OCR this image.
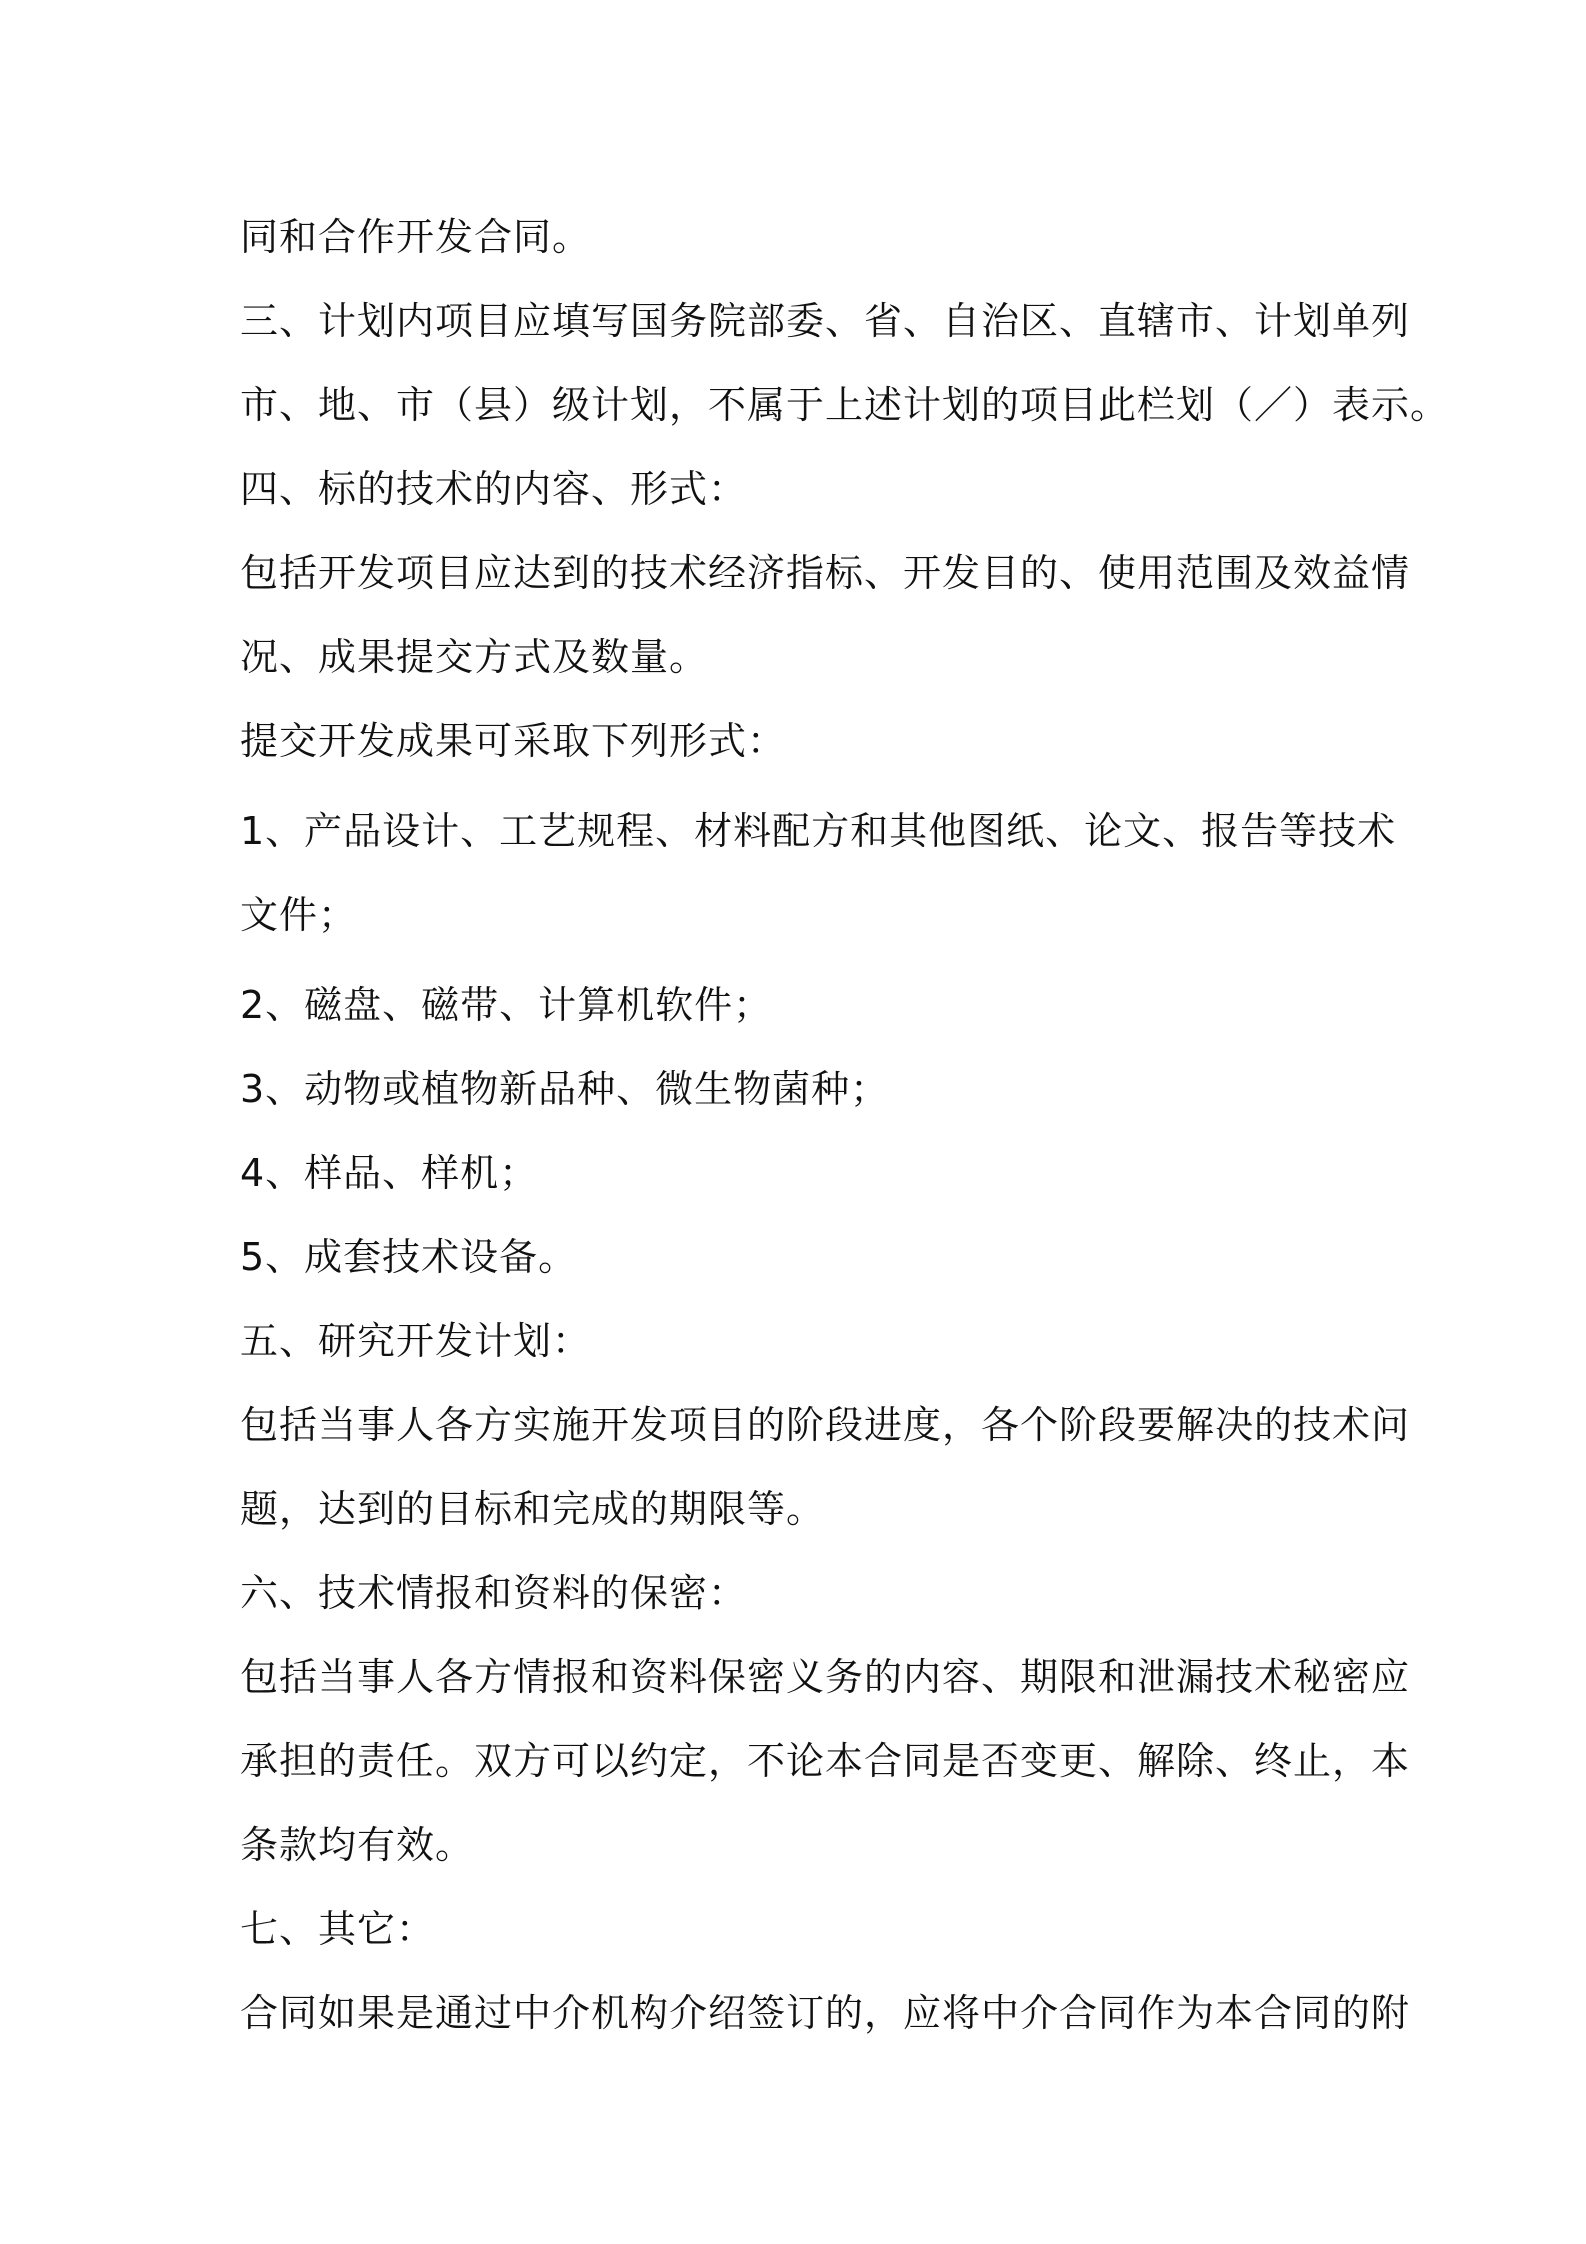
同和合作开发合同。
三、计划内项目应填写国务院部委、省、自治区、直辖市、计划单列
市、地、市（县）级计划，不属于上述计划的项目此栏划（／）表示。
四、标的技术的内容、形式：
包括开发项目应达到的技术经济指标、开发目的、使用范围及效益情
况、成果提交方式及数量。
提交开发成果可采取下列形式：
1、产品设计、工艺规程、材料配方和其他图纸、论文、报告等技术
文件；
2、磁盘、磁带、计算机软件；
3、动物或植物新品种、微生物菌种；
4、样品、样机；
5、成套技术设备。
五、研究开发计划：
包括当事人各方实施开发项目的阶段进度，各个阶段要解决的技术问
题，达到的目标和完成的期限等。
六、技术情报和资料的保密：
包括当事人各方情报和资料保密义务的内容、期限和泄漏技术秘密应
承担的责任。双方可以约定，不论本合同是否变更、解除、终止，本
条款均有效。
七、其它：
合同如果是通过中介机构介绍签订的，应将中介合同作为本合同的附
